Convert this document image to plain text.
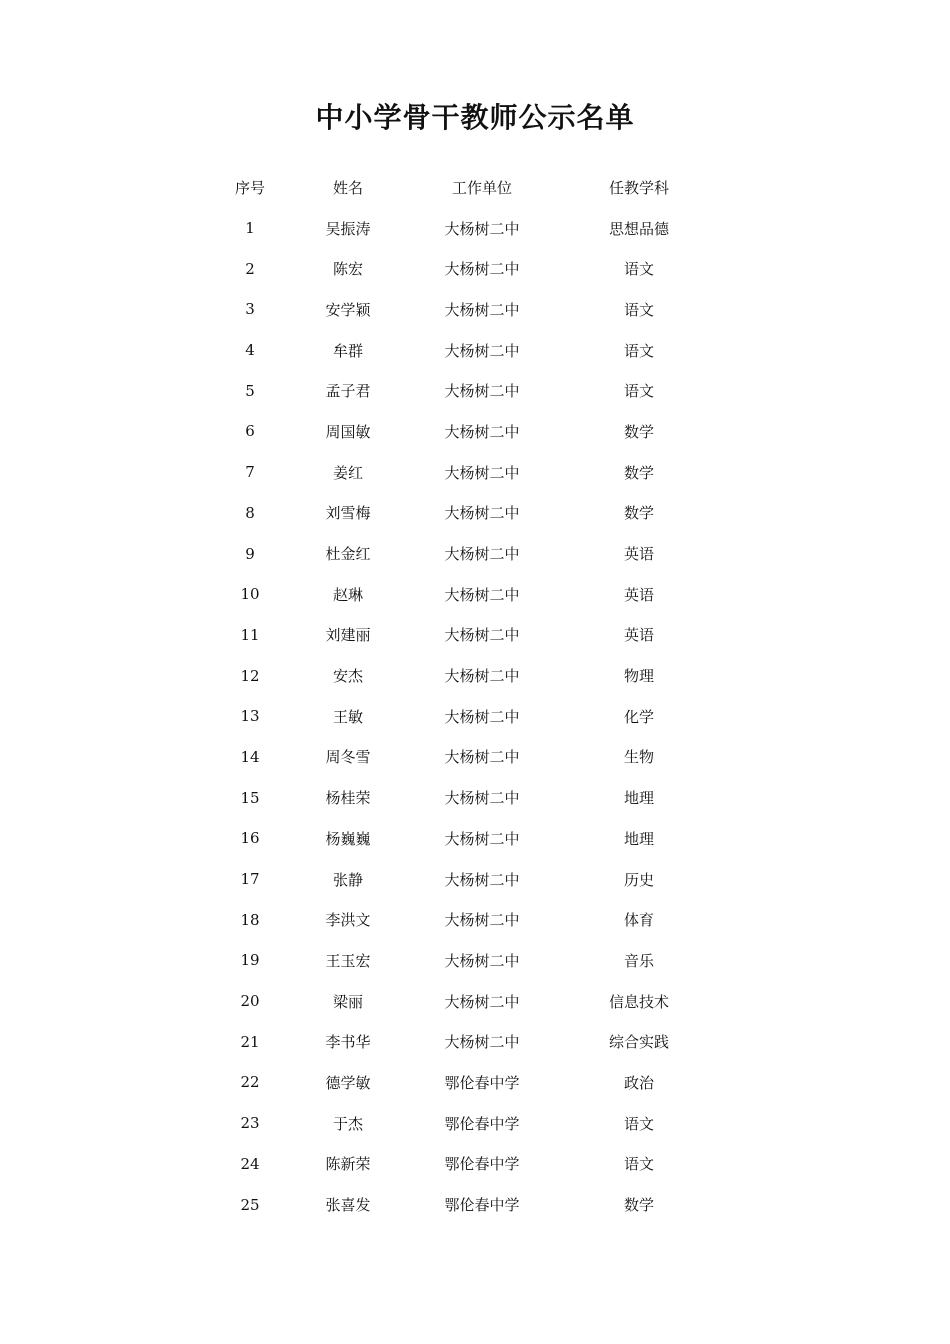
中小学骨干教师公示名单
序号	姓名	工作单位	任教学科
1	吴振涛	大杨树二中	思想品德
2	陈宏	大杨树二中	语文
3	安学颖	大杨树二中	语文
4	牟群	大杨树二中	语文
5	孟子君	大杨树二中	语文
6	周国敏	大杨树二中	数学
7	姜红	大杨树二中	数学
8	刘雪梅	大杨树二中	数学
9	杜金红	大杨树二中	英语
10	赵琳	大杨树二中	英语
11	刘建丽	大杨树二中	英语
12	安杰	大杨树二中	物理
13	王敏	大杨树二中	化学
14	周冬雪	大杨树二中	生物
15	杨桂荣	大杨树二中	地理
16	杨巍巍	大杨树二中	地理
17	张静	大杨树二中	历史
18	李洪文	大杨树二中	体育
19	王玉宏	大杨树二中	音乐
20	梁丽	大杨树二中	信息技术
21	李书华	大杨树二中	综合实践
22	德学敏	鄂伦春中学	政治
23	于杰	鄂伦春中学	语文
24	陈新荣	鄂伦春中学	语文
25	张喜发	鄂伦春中学	数学
